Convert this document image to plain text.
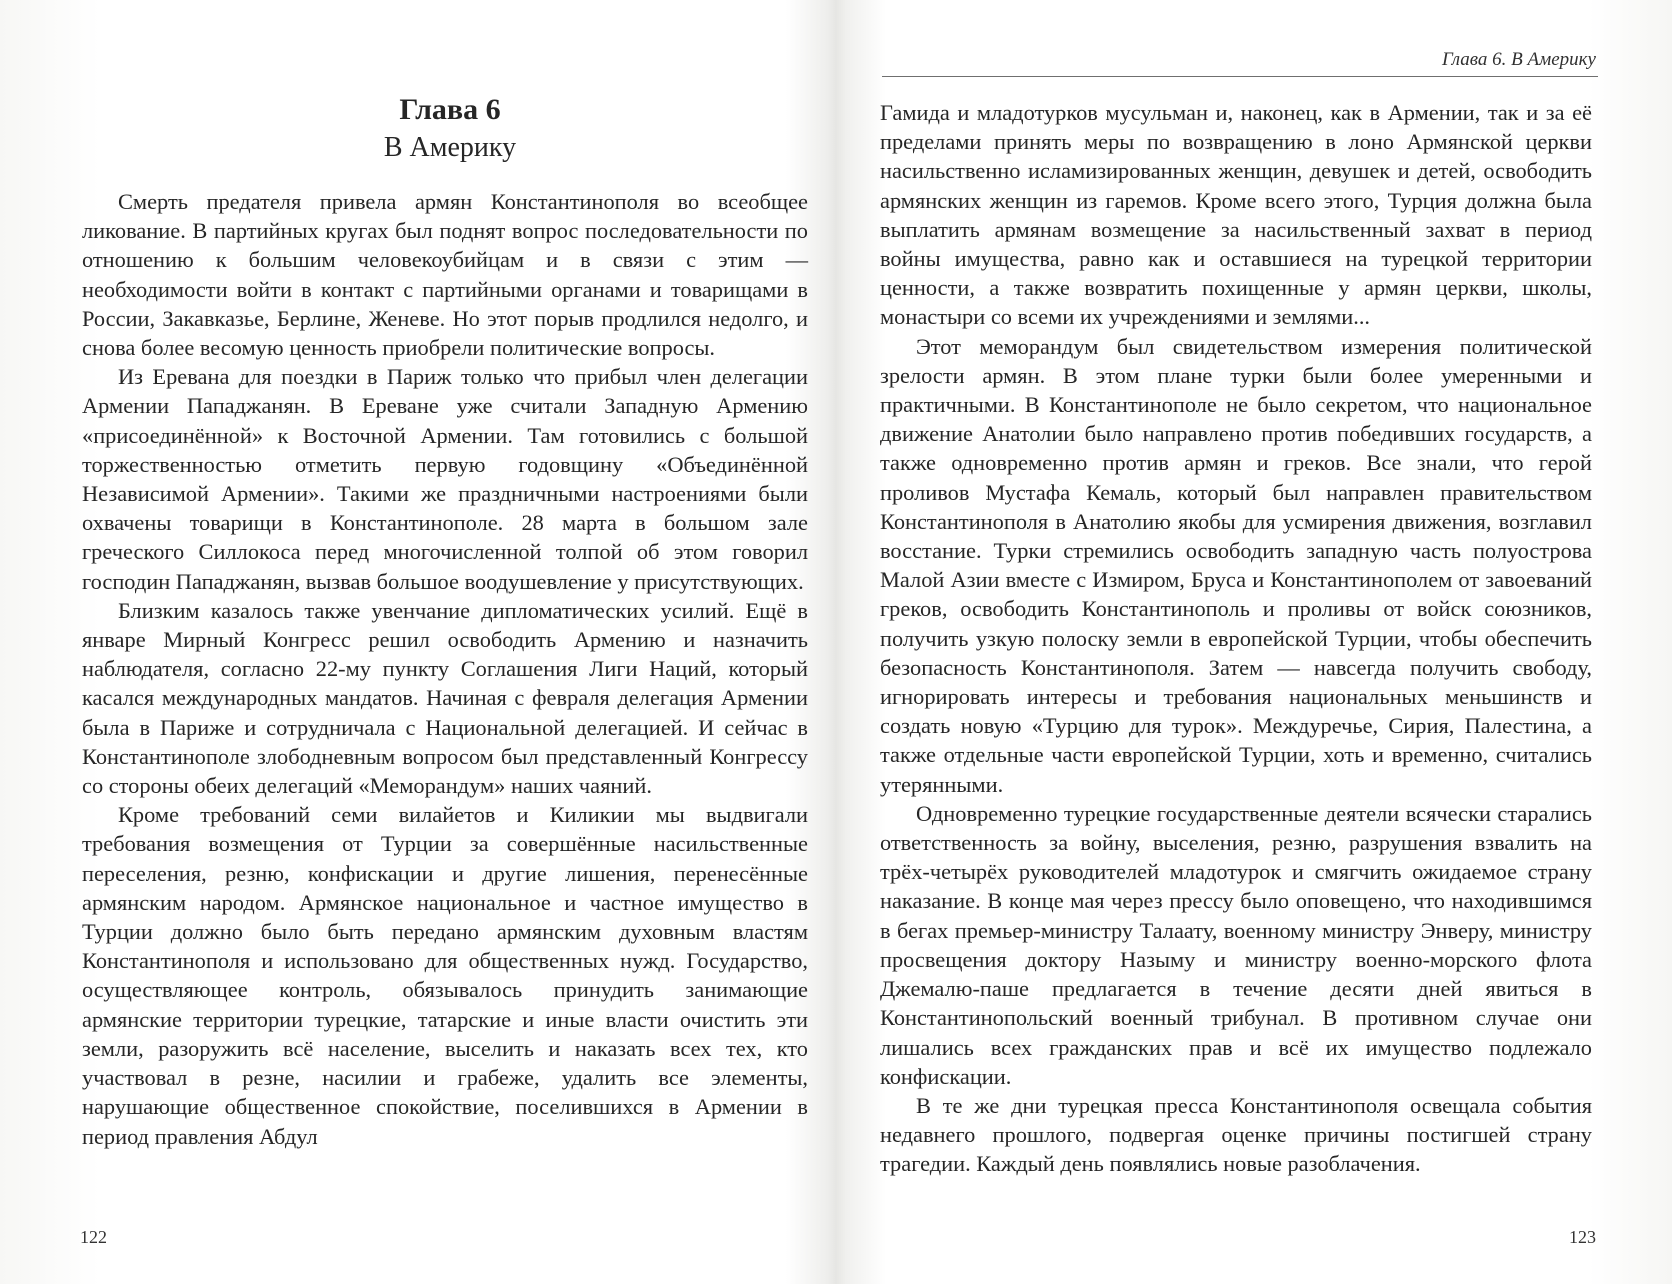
Глава 6
В Америку

Смерть предателя привела армян Константинополя во всеобщее ликование. В партийных кругах был поднят вопрос последовательности по отношению к большим человекоубийцам и в связи с этим — необходимости войти в контакт с партийными органами и товарищами в России, Закавказье, Берлине, Женеве. Но этот порыв продлился недолго, и снова более весомую ценность приобрели политические вопросы.

Из Еревана для поездки в Париж только что прибыл член делегации Армении Пападжанян. В Ереване уже считали Западную Армению «присоединённой» к Восточной Армении. Там готовились с большой торжественностью отметить первую годовщину «Объединённой Независимой Армении». Такими же праздничными настроениями были охвачены товарищи в Константинополе. 28 марта в большом зале греческого Силлокоса перед многочисленной толпой об этом говорил господин Пападжанян, вызвав большое воодушевление у присутствующих.

Близким казалось также увенчание дипломатических усилий. Ещё в январе Мирный Конгресс решил освободить Армению и назначить наблюдателя, согласно 22-му пункту Соглашения Лиги Наций, который касался международных мандатов. Начиная с февраля делегация Армении была в Париже и сотрудничала с Национальной делегацией. И сейчас в Константинополе злободневным вопросом был представленный Конгрессу со стороны обеих делегаций «Меморандум» наших чаяний.

Кроме требований семи вилайетов и Киликии мы выдвигали требования возмещения от Турции за совершённые насильственные переселения, резню, конфискации и другие лишения, перенесённые армянским народом. Армянское национальное и частное имущество в Турции должно было быть передано армянским духовным властям Константинополя и использовано для общественных нужд. Государство, осуществляющее контроль, обязывалось принудить занимающие армянские территории турецкие, татарские и иные власти очистить эти земли, разоружить всё население, выселить и наказать всех тех, кто участвовал в резне, насилии и грабеже, удалить все элементы, нарушающие общественное спокойствие, поселившихся в Армении в период правления Абдул

122
Глава 6. В Америку

Гамида и младотурков мусульман и, наконец, как в Армении, так и за её пределами принять меры по возвращению в лоно Армянской церкви насильственно исламизированных женщин, девушек и детей, освободить армянских женщин из гаремов. Кроме всего этого, Турция должна была выплатить армянам возмещение за насильственный захват в период войны имущества, равно как и оставшиеся на турецкой территории ценности, а также возвратить похищенные у армян церкви, школы, монастыри со всеми их учреждениями и землями...

Этот меморандум был свидетельством измерения политической зрелости армян. В этом плане турки были более умеренными и практичными. В Константинополе не было секретом, что национальное движение Анатолии было направлено против победивших государств, а также одновременно против армян и греков. Все знали, что герой проливов Мустафа Кемаль, который был направлен правительством Константинополя в Анатолию якобы для усмирения движения, возглавил восстание. Турки стремились освободить западную часть полуострова Малой Азии вместе с Измиром, Бруса и Константинополем от завоеваний греков, освободить Константинополь и проливы от войск союзников, получить узкую полоску земли в европейской Турции, чтобы обеспечить безопасность Константинополя. Затем — навсегда получить свободу, игнорировать интересы и требования национальных меньшинств и создать новую «Турцию для турок». Междуречье, Сирия, Палестина, а также отдельные части европейской Турции, хоть и временно, считались утерянными.

Одновременно турецкие государственные деятели всячески старались ответственность за войну, выселения, резню, разрушения взвалить на трёх-четырёх руководителей младотурок и смягчить ожидаемое страну наказание. В конце мая через прессу было оповещено, что находившимся в бегах премьер-министру Талаату, военному министру Энверу, министру просвещения доктору Назыму и министру военно-морского флота Джемалю-паше предлагается в течение десяти дней явиться в Константинопольский военный трибунал. В противном случае они лишались всех гражданских прав и всё их имущество подлежало конфискации.

В те же дни турецкая пресса Константинополя освещала события недавнего прошлого, подвергая оценке причины постигшей страну трагедии. Каждый день появлялись новые разоблачения.

123
